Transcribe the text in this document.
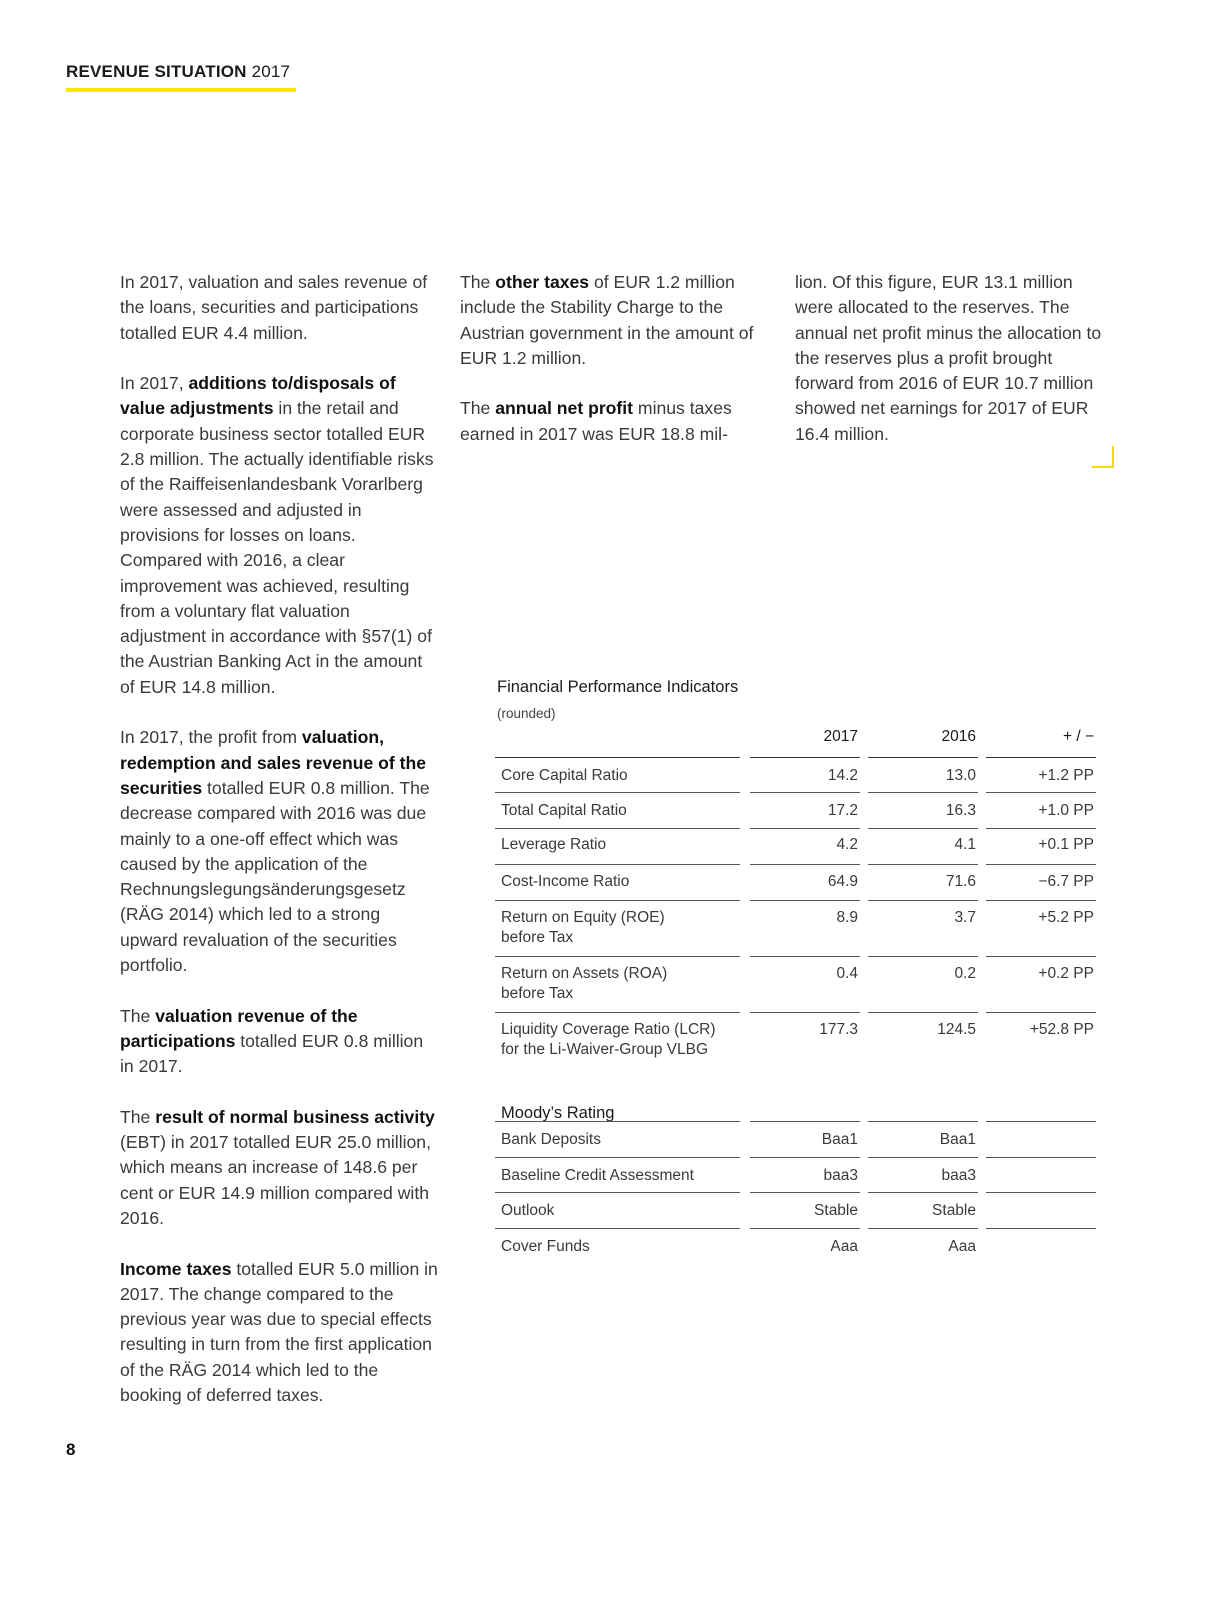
REVENUE SITUATION 2017

In 2017, valuation and sales revenue of the loans, securities and participations totalled EUR 4.4 million.

In 2017, additions to/disposals of value adjustments in the retail and corporate business sector totalled EUR 2.8 million. The actually identifiable risks of the Raiffeisenlandesbank Vorarlberg were assessed and adjusted in provisions for losses on loans. Compared with 2016, a clear improvement was achieved, resulting from a voluntary flat valuation adjustment in accordance with §57(1) of the Austrian Banking Act in the amount of EUR 14.8 million.

In 2017, the profit from valuation, redemption and sales revenue of the securities totalled EUR 0.8 million. The decrease compared with 2016 was due mainly to a one-off effect which was caused by the application of the Rechnungslegungsänderungsgesetz (RÄG 2014) which led to a strong upward revaluation of the securities portfolio.

The valuation revenue of the participations totalled EUR 0.8 million in 2017.

The result of normal business activity (EBT) in 2017 totalled EUR 25.0 million, which means an increase of 148.6 per cent or EUR 14.9 million compared with 2016.

Income taxes totalled EUR 5.0 million in 2017. The change compared to the previous year was due to special effects resulting in turn from the first application of the RÄG 2014 which led to the booking of deferred taxes.

The other taxes of EUR 1.2 million include the Stability Charge to the Austrian government in the amount of EUR 1.2 million.

The annual net profit minus taxes earned in 2017 was EUR 18.8 mil-

lion. Of this figure, EUR 13.1 million were allocated to the reserves. The annual net profit minus the allocation to the reserves plus a profit brought forward from 2016 of EUR 10.7 million showed net earnings for 2017 of EUR 16.4 million.

Financial Performance Indicators
(rounded)
2017	2016	+ / −
Core Capital Ratio	14.2	13.0	+1.2 PP
Total Capital Ratio	17.2	16.3	+1.0 PP
Leverage Ratio	4.2	4.1	+0.1 PP
Cost-Income Ratio	64.9	71.6	−6.7 PP
Return on Equity (ROE)
before Tax
8.9	3.7	+5.2 PP
Return on Assets (ROA)
before Tax
0.4	0.2	+0.2 PP
Liquidity Coverage Ratio (LCR)
for the Li-Waiver-Group VLBG
177.3	124.5	+52.8 PP
Moody’s Rating
Bank Deposits	Baa1	Baa1
Baseline Credit Assessment	baa3	baa3
Outlook	Stable	Stable
Cover Funds	Aaa	Aaa
8
